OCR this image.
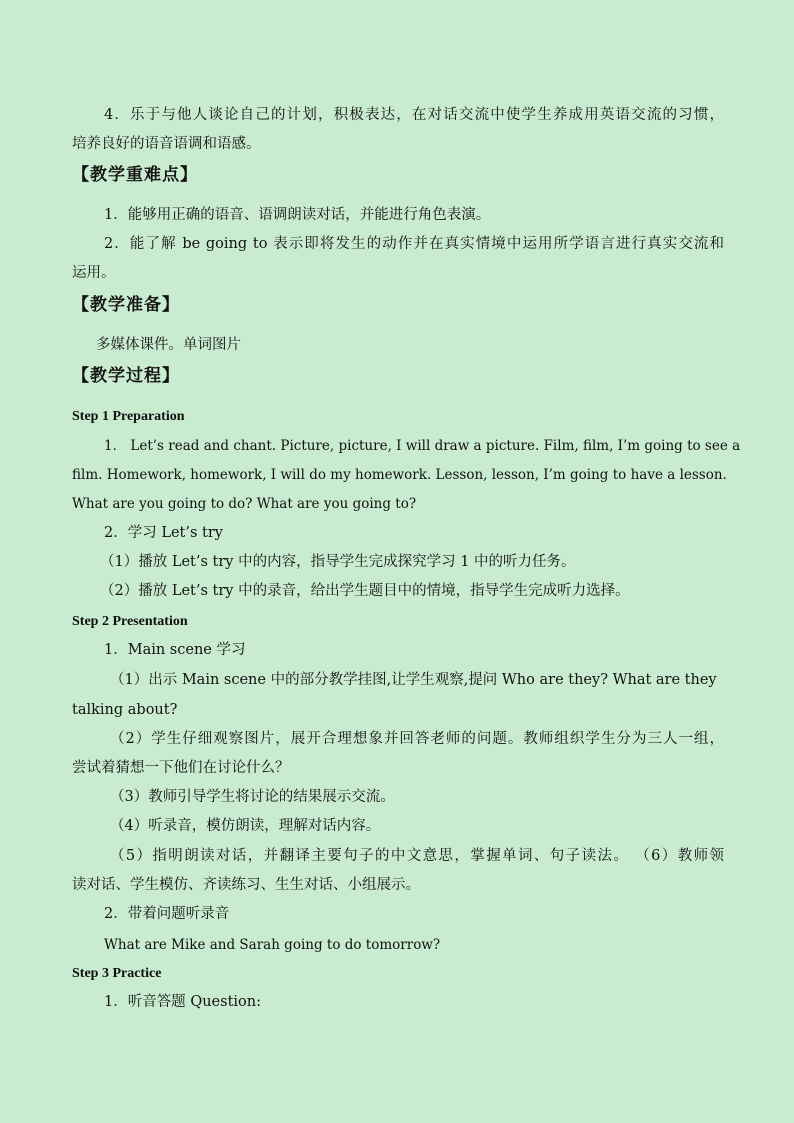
4．乐于与他人谈论自己的计划，积极表达，在对话交流中使学生养成用英语交流的习惯，
培养良好的语音语调和语感。
【教学重难点】
1．能够用正确的语音、语调朗读对话，并能进行角色表演。
2．能了解 be going to 表示即将发生的动作并在真实情境中运用所学语言进行真实交流和
运用。
【教学准备】
多媒体课件。单词图片
【教学过程】
Step 1 Preparation
1． Let’s read and chant. Picture, picture, I will draw a picture. Film, film, I’m going to see a
film. Homework, homework, I will do my homework. Lesson, lesson, I’m going to have a lesson.
What are you going to do? What are you going to?
2．学习 Let’s try
（1）播放 Let’s try 中的内容，指导学生完成探究学习 1 中的听力任务。
（2）播放 Let’s try 中的录音，给出学生题目中的情境，指导学生完成听力选择。
Step 2 Presentation
1．Main scene 学习
（1）出示 Main scene 中的部分教学挂图,让学生观察,提问 Who are they? What are they
talking about?
（2）学生仔细观察图片，展开合理想象并回答老师的问题。教师组织学生分为三人一组，
尝试着猜想一下他们在讨论什么？
（3）教师引导学生将讨论的结果展示交流。
（4）听录音，模仿朗读，理解对话内容。
（5）指明朗读对话，并翻译主要句子的中文意思，掌握单词、句子读法。 （6）教师领
读对话、学生模仿、齐读练习、生生对话、小组展示。
2．带着问题听录音
What are Mike and Sarah going to do tomorrow?
Step 3 Practice
1．听音答题 Question:
